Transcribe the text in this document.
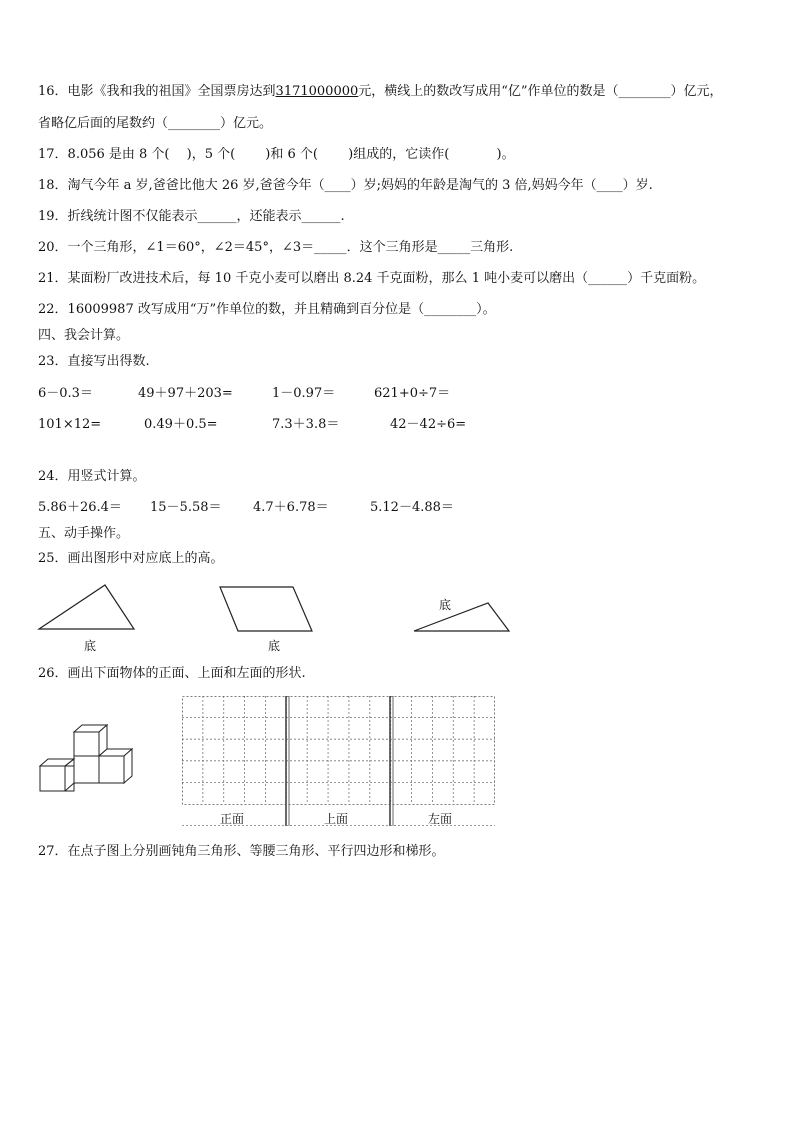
16．电影《我和我的祖国》全国票房达到3171000000元，横线上的数改写成用“亿”作单位的数是（________）亿元，
省略亿后面的尾数约（________）亿元。
17．8.056 是由 8 个(　 )，5 个(　 　)和 6 个(　 　)组成的，它读作(　 　　 )。
18．淘气今年 a 岁,爸爸比他大 26 岁,爸爸今年（____）岁;妈妈的年龄是淘气的 3 倍,妈妈今年（____）岁.
19．折线统计图不仅能表示______，还能表示______.
20．一个三角形，∠1＝60°，∠2＝45°，∠3＝_____．这个三角形是_____三角形.
21．某面粉厂改进技术后，每 10 千克小麦可以磨出 8.24 千克面粉，那么 1 吨小麦可以磨出（______）千克面粉。
22．16009987 改写成用“万”作单位的数，并且精确到百分位是（________）。
四、我会计算。
23．直接写出得数.
6－0.3＝	49＋97＋203=	1－0.97＝	621+0÷7＝
101×12=	0.49＋0.5=	7.3＋3.8＝	42－42÷6=
24．用竖式计算。
5.86＋26.4＝ 15－5.58＝ 4.7＋6.78＝	5.12－4.88＝
五、动手操作。
25．画出图形中对应底上的高。
底	底
底
26．画出下面物体的正面、上面和左面的形状.
正面	上面	左面
27．在点子图上分别画钝角三角形、等腰三角形、平行四边形和梯形。
